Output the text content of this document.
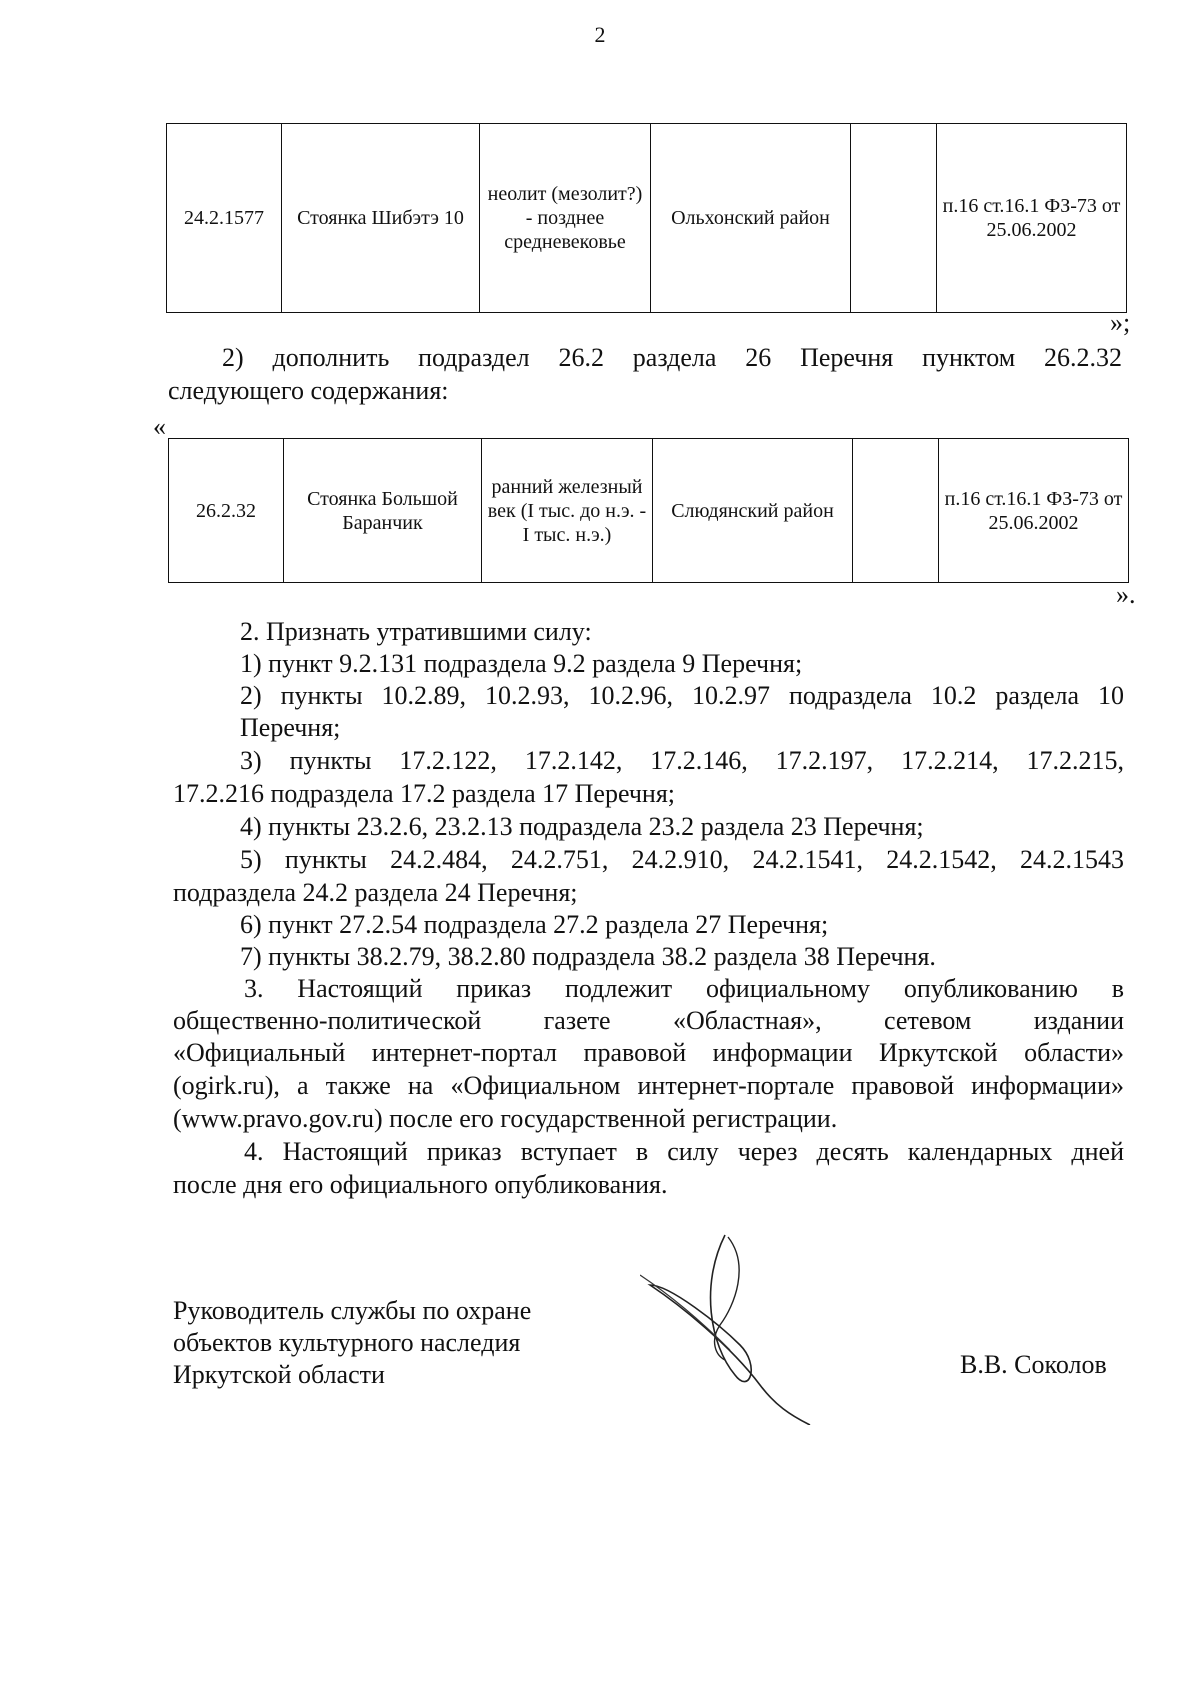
2
24.2.1577	Стоянка Шибэтэ 10	неолит (мезолит?) - позднее средневековье	Ольхонский район		п.16 ст.16.1 ФЗ-73 от 25.06.2002
»;
2) дополнить подраздел 26.2 раздела 26 Перечня пунктом 26.2.32
следующего содержания:
«
26.2.32	Стоянка Большой Баранчик	ранний железный век (I тыс. до н.э. - I тыс. н.э.)	Слюдянский район		п.16 ст.16.1 ФЗ-73 от 25.06.2002
».
2. Признать утратившими силу:
1) пункт 9.2.131 подраздела 9.2 раздела 9 Перечня;
2) пункты 10.2.89, 10.2.93, 10.2.96, 10.2.97 подраздела 10.2 раздела 10
Перечня;
3) пункты 17.2.122, 17.2.142, 17.2.146, 17.2.197, 17.2.214, 17.2.215,
17.2.216 подраздела 17.2 раздела 17 Перечня;
4) пункты 23.2.6, 23.2.13 подраздела 23.2 раздела 23 Перечня;
5) пункты 24.2.484, 24.2.751, 24.2.910, 24.2.1541, 24.2.1542, 24.2.1543
подраздела 24.2 раздела 24 Перечня;
6) пункт 27.2.54 подраздела 27.2 раздела 27 Перечня;
7) пункты 38.2.79, 38.2.80 подраздела 38.2 раздела 38 Перечня.
3. Настоящий приказ подлежит официальному опубликованию в
общественно-политической газете «Областная», сетевом издании
«Официальный интернет-портал правовой информации Иркутской области»
(ogirk.ru), а также на «Официальном интернет-портале правовой информации»
(www.pravo.gov.ru) после его государственной регистрации.
4. Настоящий приказ вступает в силу через десять календарных дней
после дня его официального опубликования.
Руководитель службы по охране
объектов культурного наследия
Иркутской области	В.В. Соколов
